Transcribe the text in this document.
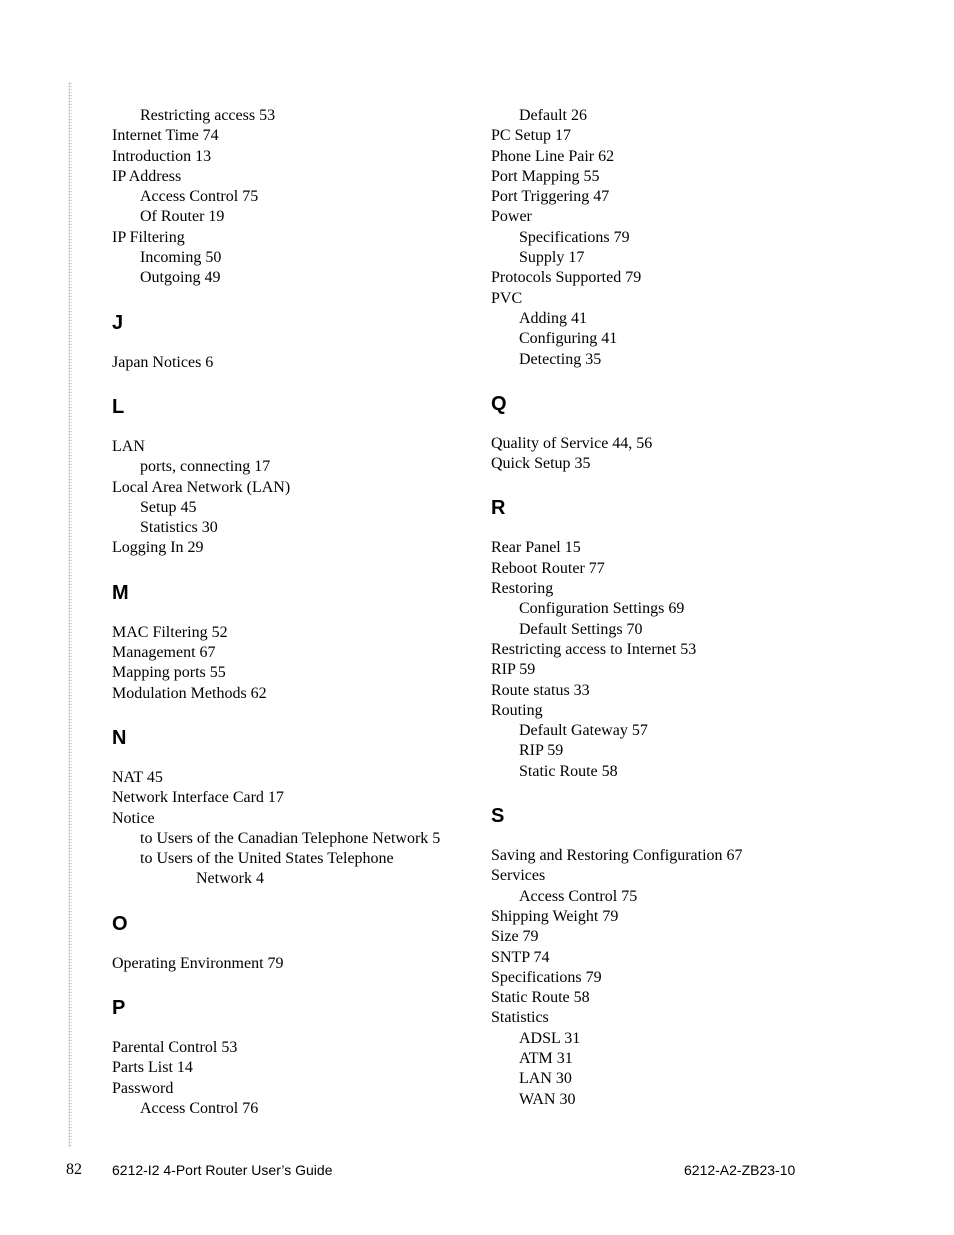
Restricting access 53
Internet Time 74
Introduction 13
IP Address
Access Control 75
Of Router 19
IP Filtering
Incoming 50
Outgoing 49
J
Japan Notices 6
L
LAN
ports, connecting 17
Local Area Network (LAN)
Setup 45
Statistics 30
Logging In 29
M
MAC Filtering 52
Management 67
Mapping ports 55
Modulation Methods 62
N
NAT 45
Network Interface Card 17
Notice
to Users of the Canadian Telephone Network 5
to Users of the United States Telephone
Network 4
O
Operating Environment 79
P
Parental Control 53
Parts List 14
Password
Access Control 76
Default 26
PC Setup 17
Phone Line Pair 62
Port Mapping 55
Port Triggering 47
Power
Specifications 79
Supply 17
Protocols Supported 79
PVC
Adding 41
Configuring 41
Detecting 35
Q
Quality of Service 44, 56
Quick Setup 35
R
Rear Panel 15
Reboot Router 77
Restoring
Configuration Settings 69
Default Settings 70
Restricting access to Internet 53
RIP 59
Route status 33
Routing
Default Gateway 57
RIP 59
Static Route 58
S
Saving and Restoring Configuration 67
Services
Access Control 75
Shipping Weight 79
Size 79
SNTP 74
Specifications 79
Static Route 58
Statistics
ADSL 31
ATM 31
LAN 30
WAN 30
82 6212-I2 4-Port Router User’s Guide	6212-A2-ZB23-10
